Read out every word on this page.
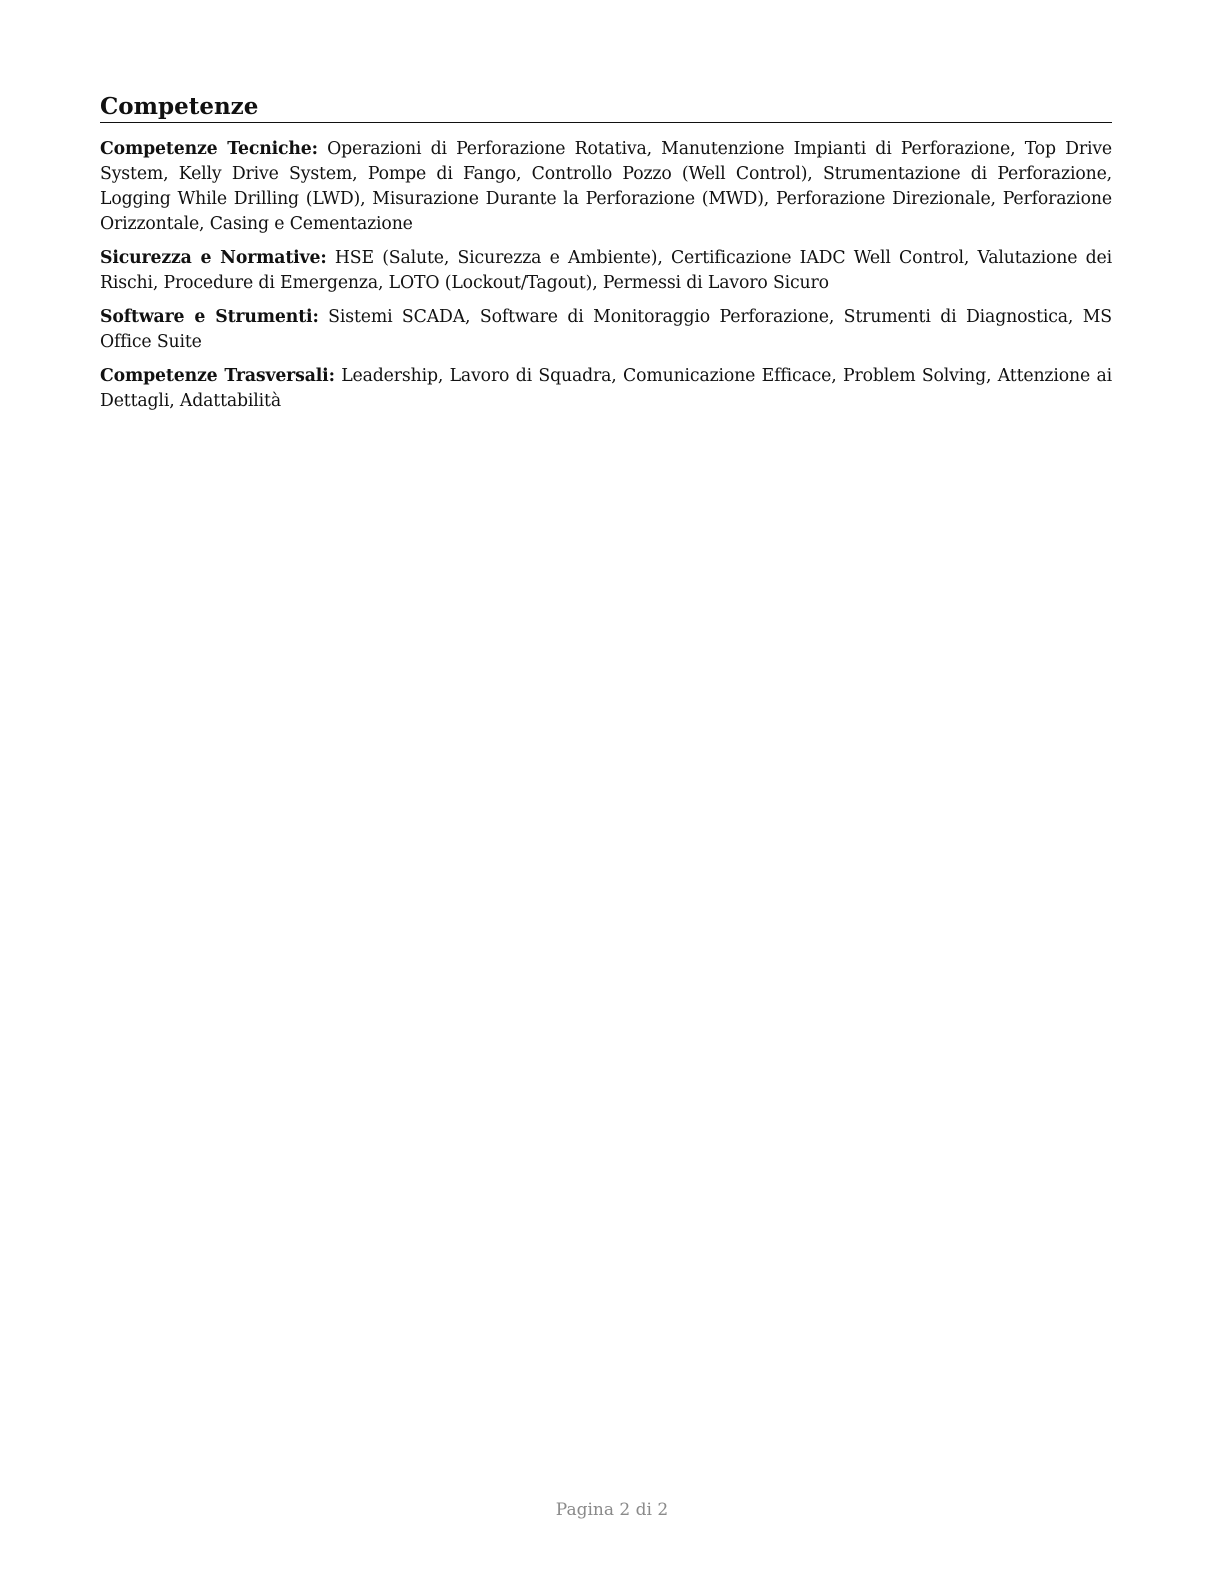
Competenze

Competenze Tecniche: Operazioni di Perforazione Rotativa, Manutenzione Impianti di Perforazione, Top Drive System, Kelly Drive System, Pompe di Fango, Controllo Pozzo (Well Control), Strumentazione di Perforazione, Logging While Drilling (LWD), Misurazione Durante la Perforazione (MWD), Perforazione Direzionale, Perforazione Orizzontale, Casing e Cementazione

Sicurezza e Normative: HSE (Salute, Sicurezza e Ambiente), Certificazione IADC Well Control, Valutazione dei Rischi, Procedure di Emergenza, LOTO (Lockout/Tagout), Permessi di Lavoro Sicuro

Software e Strumenti: Sistemi SCADA, Software di Monitoraggio Perforazione, Strumenti di Diagnostica, MS Office Suite

Competenze Trasversali: Leadership, Lavoro di Squadra, Comunicazione Efficace, Problem Solving, Attenzione ai Dettagli, Adattabilità

Pagina 2 di 2
